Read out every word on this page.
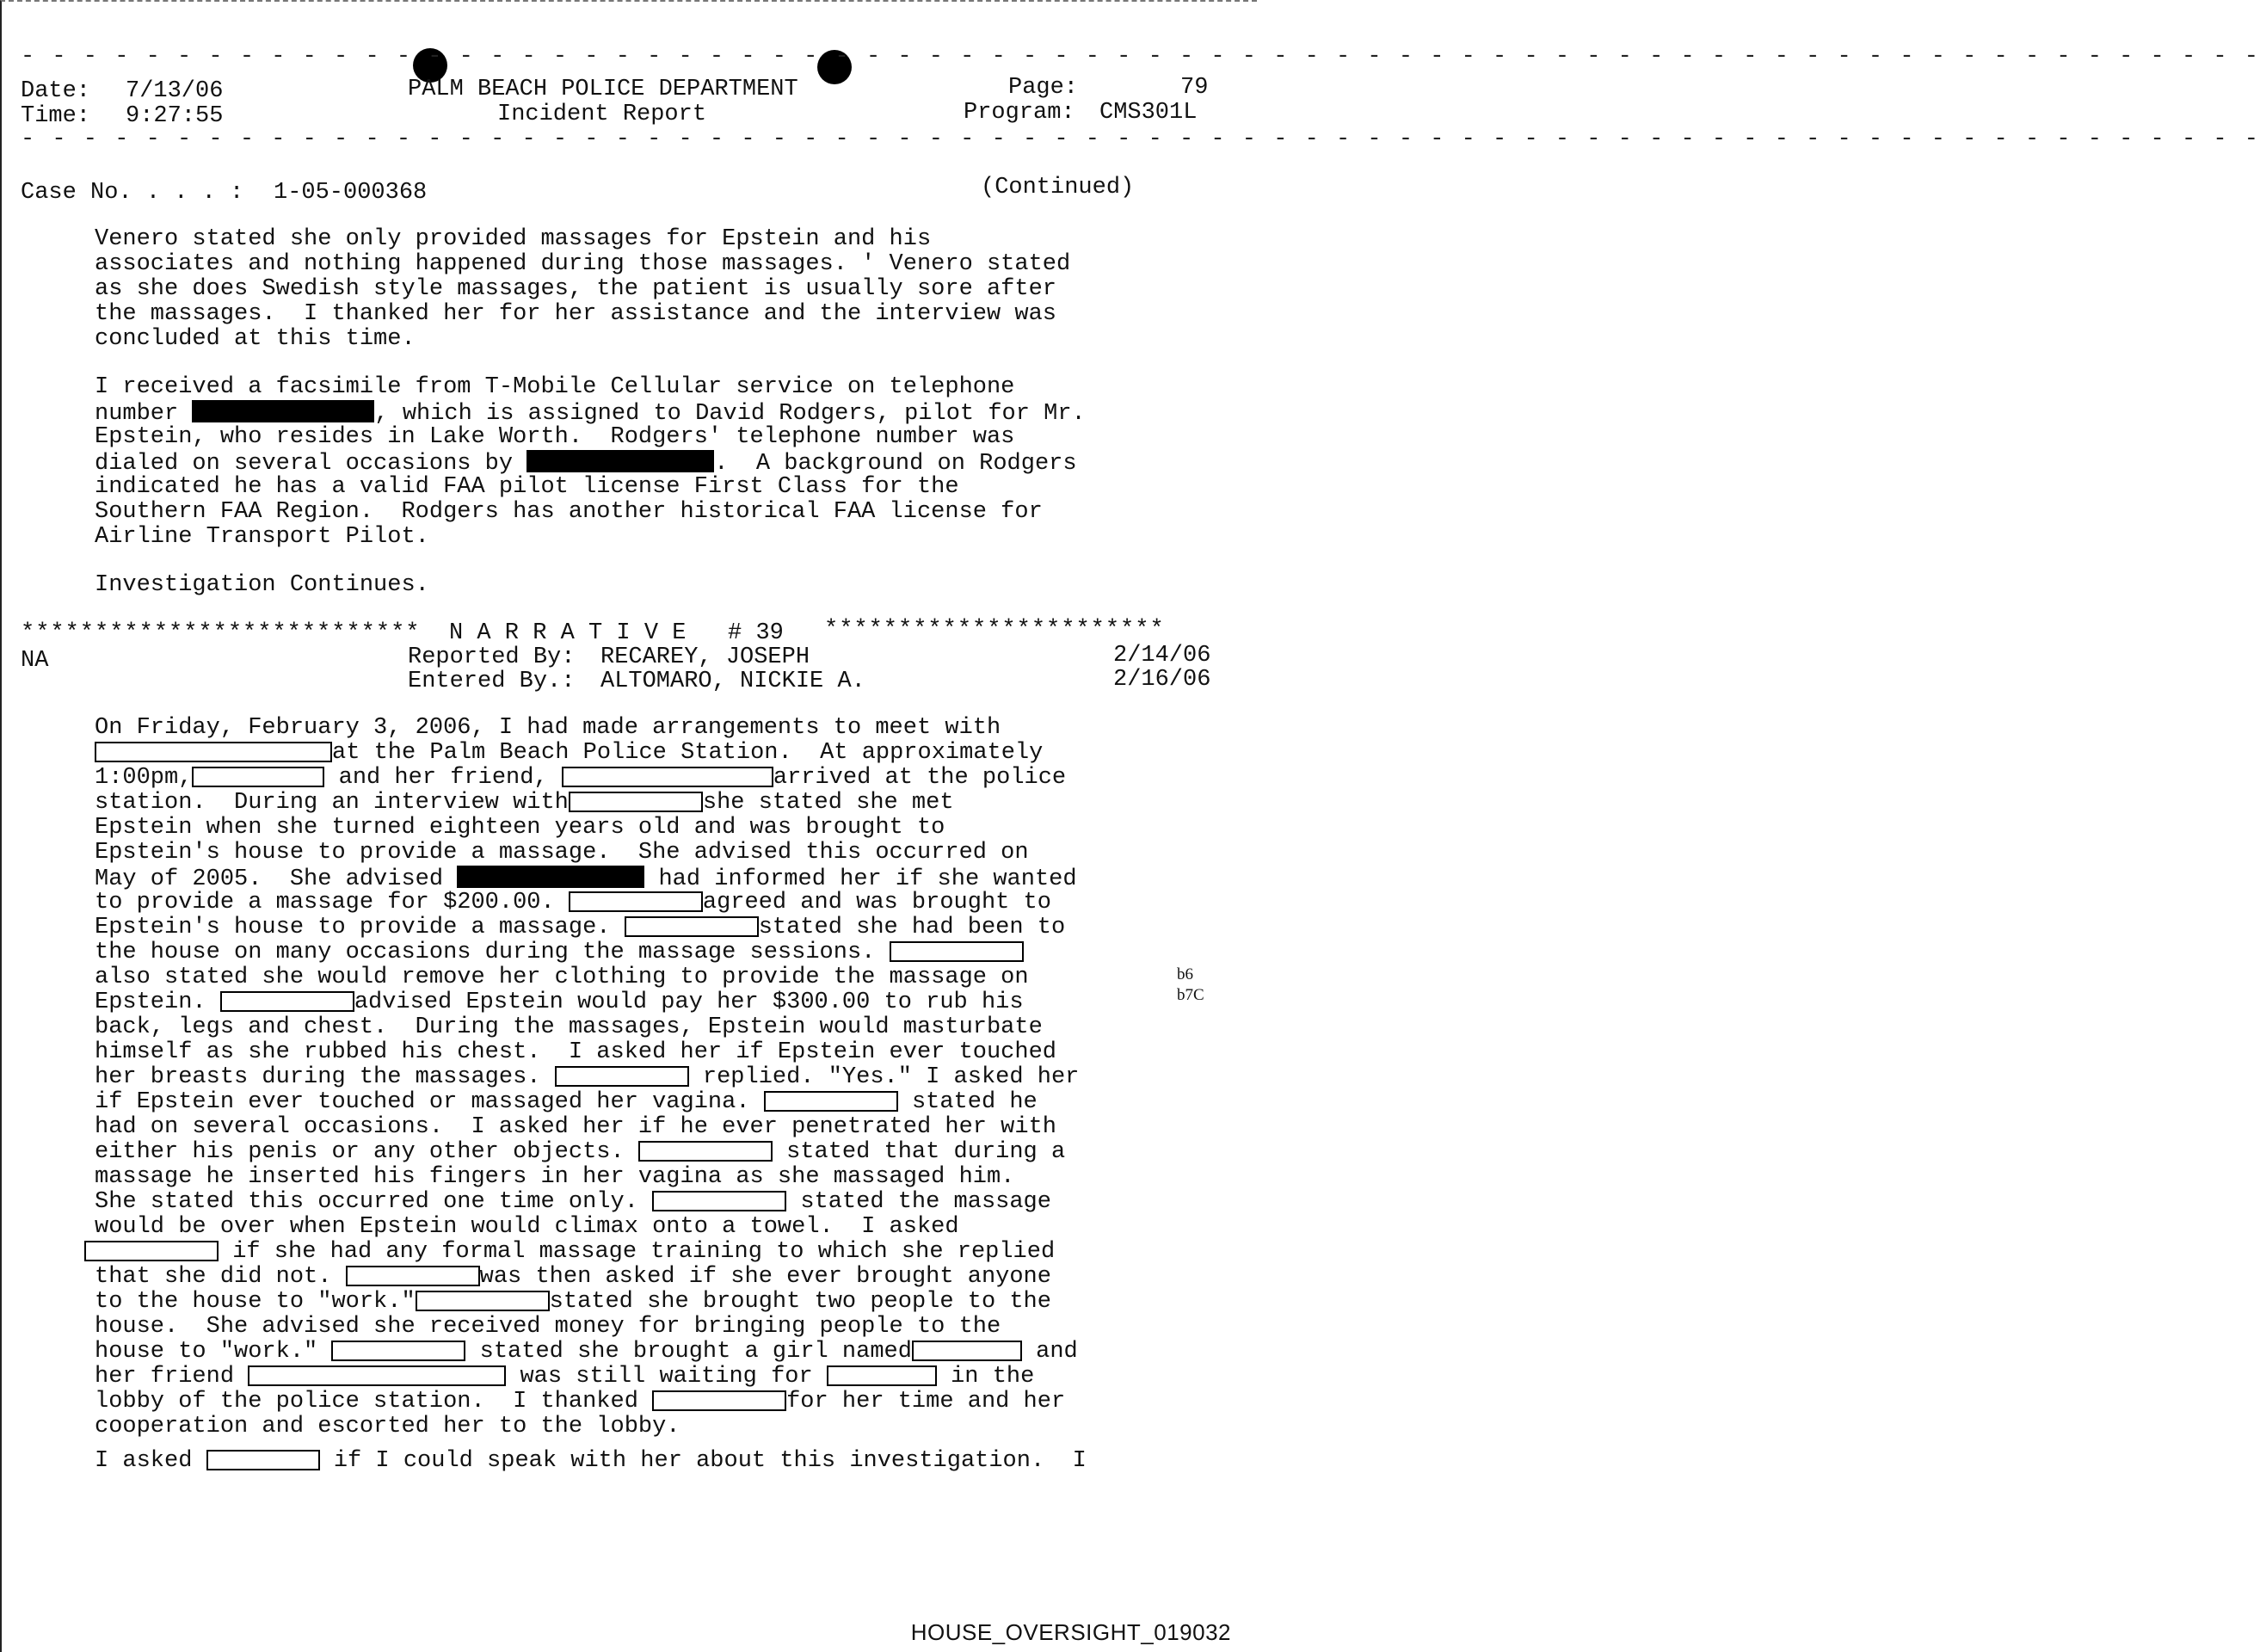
- - - - - - - - - - - - - - - - - - - - - - - - - - - - - - - - - - - - - - - - - - - - - - - - - - - - - - - - - - - - - - - - - - - - - - - -
- - - - - - - - - - - - - - - - - - - - - - - - - - - - - - - - - - - - - - - - - - - - - - - - - - - - - - - - - - - - - - - - - - - - - - - -
Date: 7/13/06
Time: 9:27:55
PALM BEACH POLICE DEPARTMENT
Incident Report
Page:	79
Program: CMS301L
Case No. . . . : 1-05-000368	(Continued)
Venero stated she only provided massages for Epstein and his
associates and nothing happened during those massages. ' Venero stated
as she does Swedish style massages, the patient is usually sore after
the massages.  I thanked her for her assistance and the interview was
concluded at this time.
I received a facsimile from T-Mobile Cellular service on telephone
number	, which is assigned to David Rodgers, pilot for Mr.
Epstein, who resides in Lake Worth.  Rodgers' telephone number was
dialed on several occasions by	.  A background on Rodgers
indicated he has a valid FAA pilot license First Class for the
Southern FAA Region.  Rodgers has another historical FAA license for
Airline Transport Pilot.
Investigation Continues.
*************************** N A R R A T I V E   # 39 ***********************
NA	Reported By: RECAREY, JOSEPH	2/14/06
Entered By.: ALTOMARO, NICKIE A.	2/16/06
On Friday, February 3, 2006, I had made arrangements to meet with
at the Palm Beach Police Station.  At approximately
1:00pm,	and her friend,	arrived at the police
station.  During an interview with	she stated she met
Epstein when she turned eighteen years old and was brought to
Epstein's house to provide a massage.  She advised this occurred on
May of 2005.  She advised	had informed her if she wanted
to provide a massage for $200.00.	agreed and was brought to
Epstein's house to provide a massage.	stated she had been to
the house on many occasions during the massage sessions.
also stated she would remove her clothing to provide the massage on
Epstein.	advised Epstein would pay her $300.00 to rub his
back, legs and chest.  During the massages, Epstein would masturbate
himself as she rubbed his chest.  I asked her if Epstein ever touched
her breasts during the massages.	replied. "Yes." I asked her
if Epstein ever touched or massaged her vagina.	stated he
had on several occasions.  I asked her if he ever penetrated her with
either his penis or any other objects.	stated that during a
massage he inserted his fingers in her vagina as she massaged him.
She stated this occurred one time only.	stated the massage
would be over when Epstein would climax onto a towel.  I asked
if she had any formal massage training to which she replied
that she did not.	was then asked if she ever brought anyone
to the house to "work."	stated she brought two people to the
house.  She advised she received money for bringing people to the
house to "work."	stated she brought a girl named	and
her friend	was still waiting for	in the
lobby of the police station.  I thanked	for her time and her
cooperation and escorted her to the lobby.
I asked	if I could speak with her about this investigation.  I
b6
b7C
HOUSE_OVERSIGHT_019032
